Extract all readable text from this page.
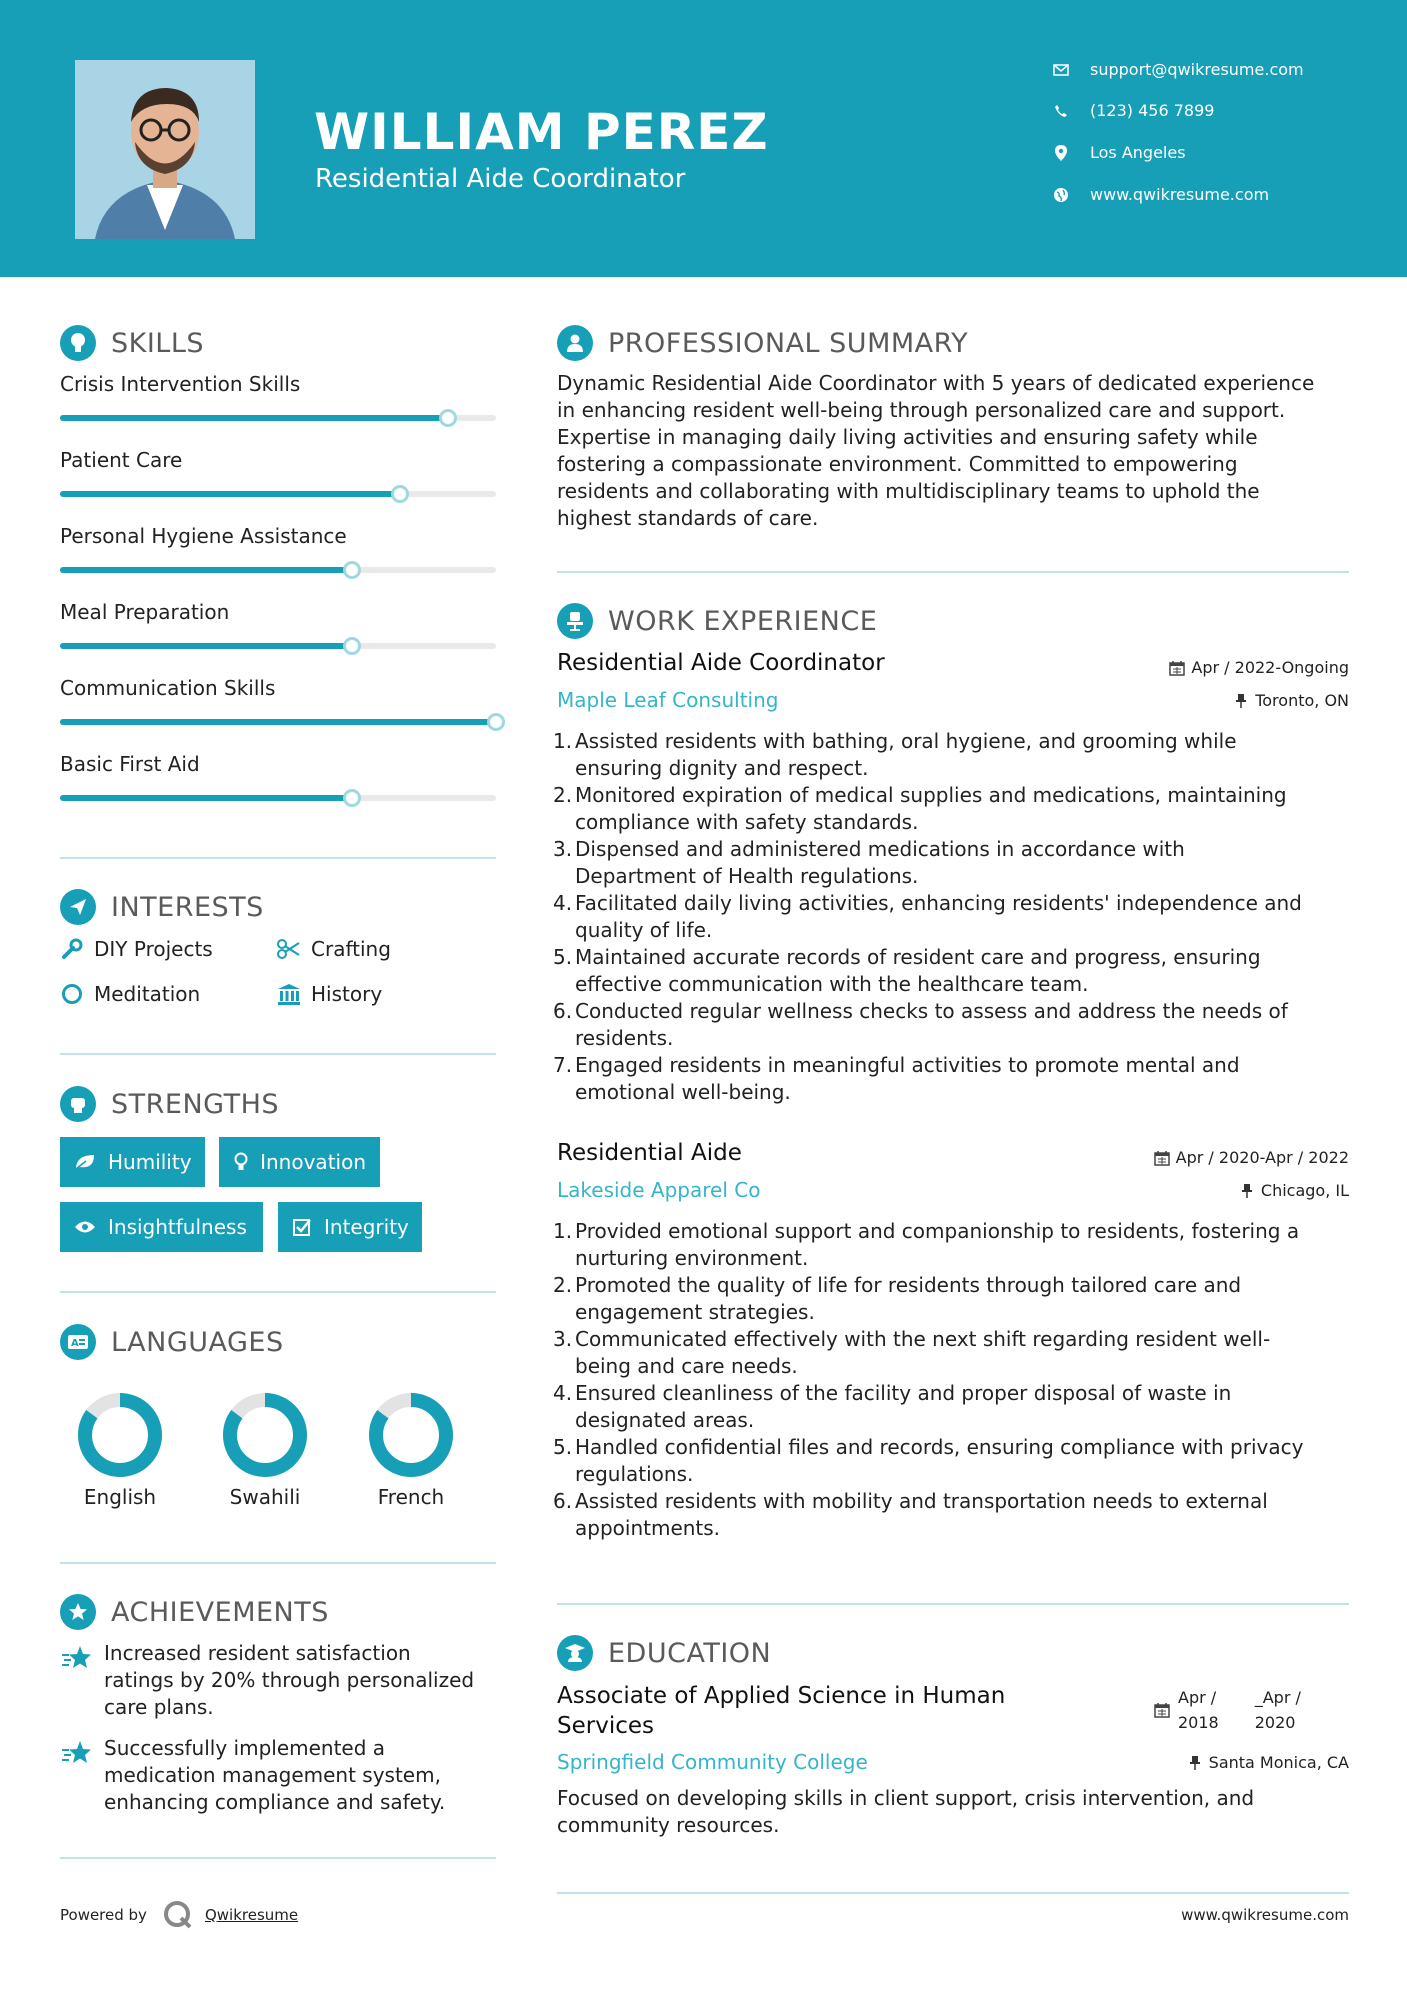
WILLIAM PEREZ
Residential Aide Coordinator
support@qwikresume.com
(123) 456 7899
Los Angeles
www.qwikresume.com
SKILLS
Crisis Intervention Skills
Patient Care
Personal Hygiene Assistance
Meal Preparation
Communication Skills
Basic First Aid
INTERESTS
DIY Projects	Crafting
Meditation	History
STRENGTHS
Humility	Innovation
Insightfulness	Integrity
A LANGUAGES
English	Swahili	French
ACHIEVEMENTS
Increased resident satisfaction
ratings by 20% through personalized
care plans.
Successfully implemented a
medication management system,
enhancing compliance and safety.
PROFESSIONAL SUMMARY
Dynamic Residential Aide Coordinator with 5 years of dedicated experience
in enhancing resident well-being through personalized care and support.
Expertise in managing daily living activities and ensuring safety while
fostering a compassionate environment. Committed to empowering
residents and collaborating with multidisciplinary teams to uphold the
highest standards of care.
WORK EXPERIENCE
Residential Aide Coordinator	Apr / 2022-Ongoing
Maple Leaf Consulting	Toronto, ON
1. Assisted residents with bathing, oral hygiene, and grooming while
ensuring dignity and respect.
2. Monitored expiration of medical supplies and medications, maintaining
compliance with safety standards.
3. Dispensed and administered medications in accordance with
Department of Health regulations.
4. Facilitated daily living activities, enhancing residents' independence and
quality of life.
5. Maintained accurate records of resident care and progress, ensuring
effective communication with the healthcare team.
6. Conducted regular wellness checks to assess and address the needs of
residents.
7. Engaged residents in meaningful activities to promote mental and
emotional well-being.
Residential Aide	Apr / 2020-Apr / 2022
Lakeside Apparel Co	Chicago, IL
1. Provided emotional support and companionship to residents, fostering a
nurturing environment.
2. Promoted the quality of life for residents through tailored care and
engagement strategies.
3. Communicated effectively with the next shift regarding resident well-
being and care needs.
4. Ensured cleanliness of the facility and proper disposal of waste in
designated areas.
5. Handled confidential files and records, ensuring compliance with privacy
regulations.
6. Assisted residents with mobility and transportation needs to external
appointments.
EDUCATION
Associate of Applied Science in Human
Services
Apr /
2018
_Apr /
2020
Springfield Community College	Santa Monica, CA
Focused on developing skills in client support, crisis intervention, and
community resources.
Powered by	Qwikresume	www.qwikresume.com
